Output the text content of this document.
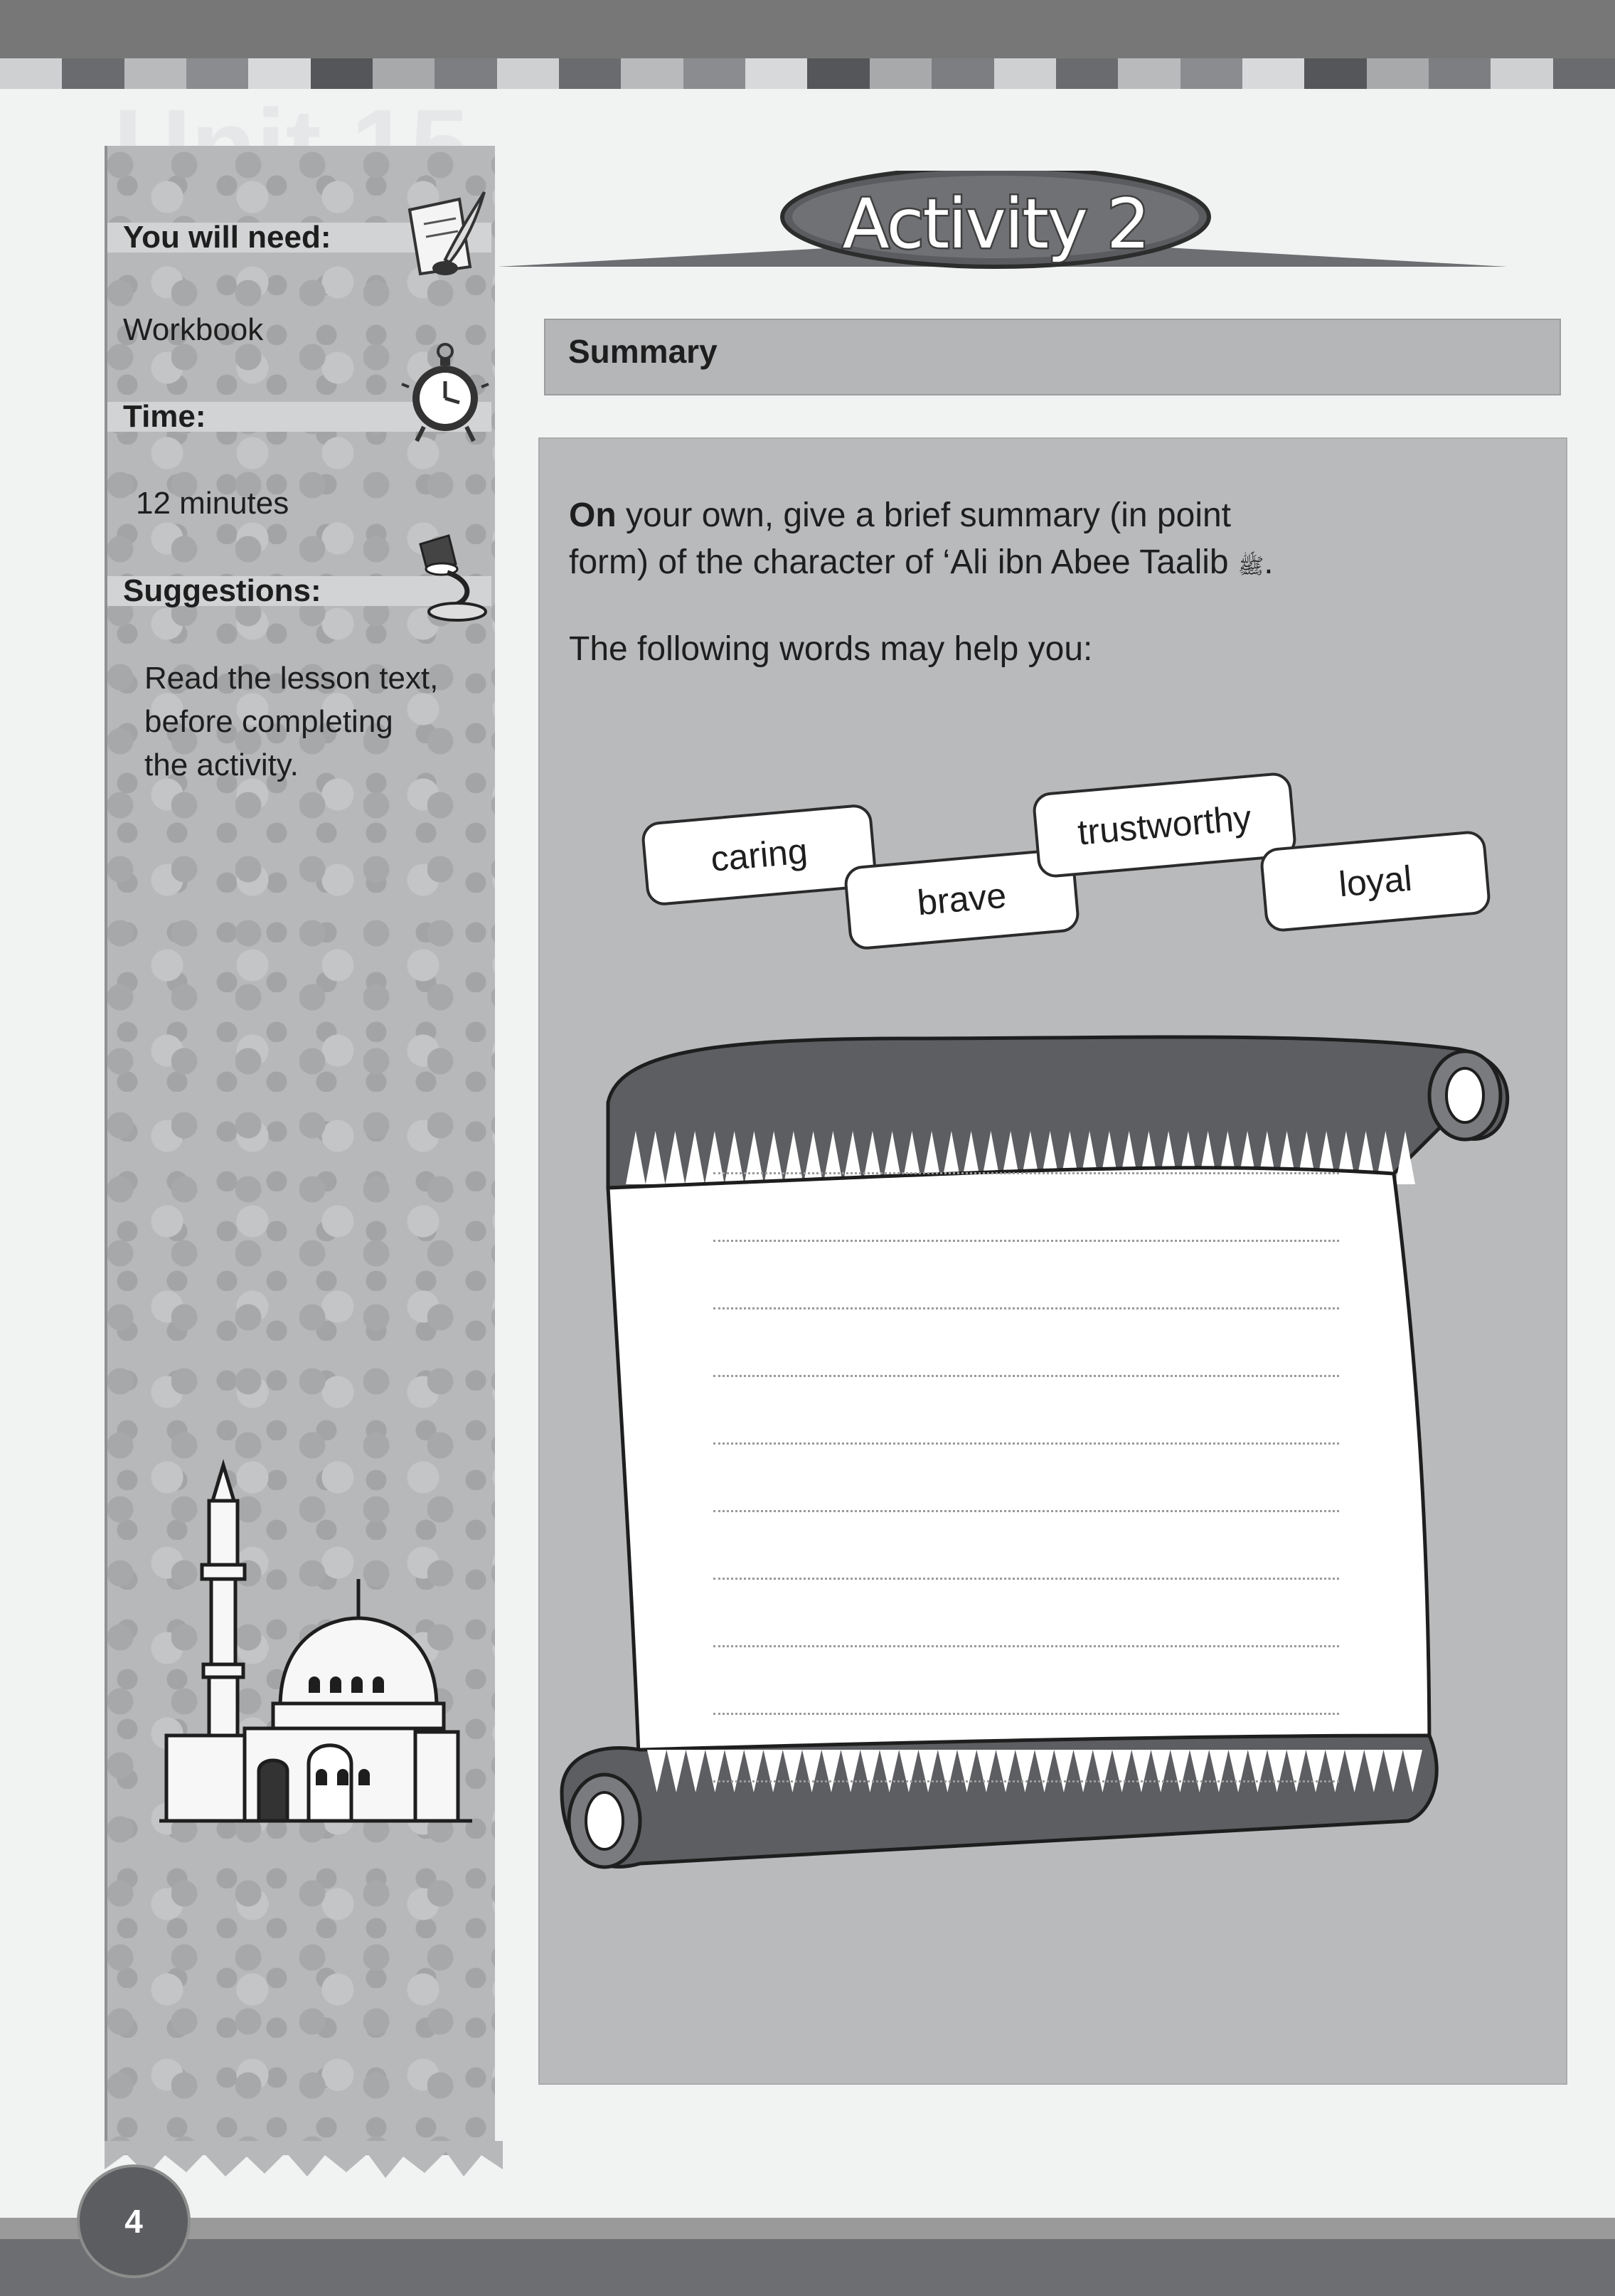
You will need:
Workbook
Time:
12 minutes
Suggestions:
Read the lesson text,
before completing
the activity.
Activity 2
Summary
On your own, give a brief summary (in point
form) of the character of ‘Ali ibn Abee Taalib ﷺ.
The following words may help you:
caring
brave
trustworthy
loyal
4
